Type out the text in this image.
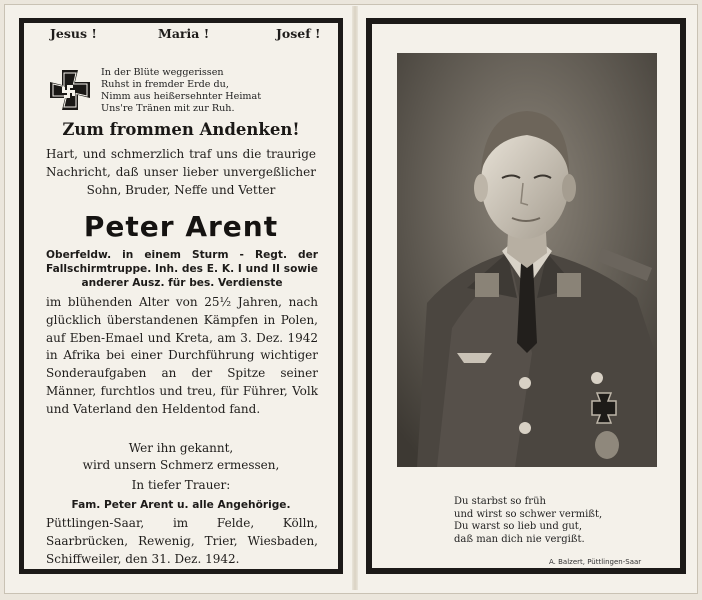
Jesus !	Maria !	Josef !
In der Blüte weggerissen
Ruhst in fremder Erde du,
Nimm aus heißersehnter Heimat
Uns're Tränen mit zur Ruh.
Zum frommen Andenken!
Hart, und schmerzlich traf uns die traurige Nachricht, daß unser lieber unvergeßlicher Sohn, Bruder, Neffe und Vetter
Peter Arent
Oberfeldw. in einem Sturm - Regt. der Fallschirmtruppe. Inh. des E. K. I und II sowie anderer Ausz. für bes. Verdienste
im blühenden Alter von 25½ Jahren, nach glücklich überstandenen Kämpfen in Polen, auf Eben-Emael und Kreta, am 3. Dez. 1942 in Afrika bei einer Durchführung wichtiger Sonderaufgaben an der Spitze seiner Männer, furchtlos und treu, für Führer, Volk und Vaterland den Heldentod fand.
Wer ihn gekannt,
wird unsern Schmerz ermessen,
In tiefer Trauer:
Fam. Peter Arent u. alle Angehörige.
Püttlingen-Saar, im Felde, Kölln, Saarbrücken, Rewenig, Trier, Wiesbaden, Schiffweiler, den 31. Dez. 1942.
Du starbst so früh
und wirst so schwer vermißt,
Du warst so lieb und gut,
daß man dich nie vergißt.
A. Balzert, Püttlingen-Saar
